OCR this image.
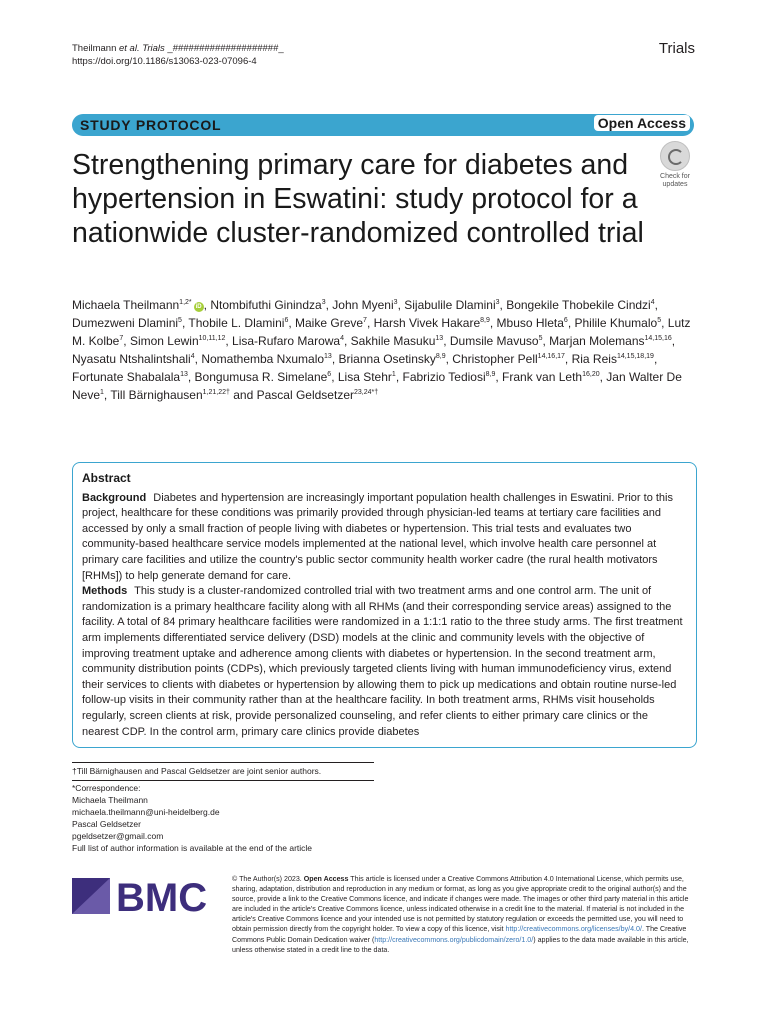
Theilmann et al. Trials _####################_
https://doi.org/10.1186/s13063-023-07096-4
Trials
STUDY PROTOCOL	Open Access
Strengthening primary care for diabetes and hypertension in Eswatini: study protocol for a nationwide cluster-randomized controlled trial
Check for
updates
Michaela Theilmann$^{1,2*}$iD , Ntombifuthi Ginindza$^3$, John Myeni$^3$, Sijabulile Dlamini$^3$, Bongekile Thobekile Cindzi$^4$, Dumezweni Dlamini$^5$, Thobile L. Dlamini$^6$, Maike Greve$^7$, Harsh Vivek Hakare$^{8,9}$, Mbuso Hleta$^6$, Philile Khumalo$^5$, Lutz M. Kolbe$^7$, Simon Lewin$^{10,11,12}$, Lisa-Rufaro Marowa$^4$, Sakhile Masuku$^{13}$, Dumsile Mavuso$^5$, Marjan Molemans$^{14,15,16}$, Nyasatu Ntshalintshali$^4$, Nomathemba Nxumalo$^{13}$, Brianna Osetinsky$^{8,9}$, Christopher Pell$^{14,16,17}$, Ria Reis$^{14,15,18,19}$, Fortunate Shabalala$^{13}$, Bongumusa R. Simelane$^6$, Lisa Stehr$^1$, Fabrizio Tediosi$^{8,9}$, Frank van Leth$^{16,20}$, Jan Walter De Neve$^1$, Till Bärnighausen$^{1,21,22\dagger}$ and Pascal Geldsetzer$^{23,24*\dagger}$
Abstract

Background Diabetes and hypertension are increasingly important population health challenges in Eswatini. Prior to this project, healthcare for these conditions was primarily provided through physician-led teams at tertiary care facilities and accessed by only a small fraction of people living with diabetes or hypertension. This trial tests and evaluates two community-based healthcare service models implemented at the national level, which involve health care personnel at primary care facilities and utilize the country's public sector community health worker cadre (the rural health motivators [RHMs]) to help generate demand for care.

Methods This study is a cluster-randomized controlled trial with two treatment arms and one control arm. The unit of randomization is a primary healthcare facility along with all RHMs (and their corresponding service areas) assigned to the facility. A total of 84 primary healthcare facilities were randomized in a 1:1:1 ratio to the three study arms. The first treatment arm implements differentiated service delivery (DSD) models at the clinic and community levels with the objective of improving treatment uptake and adherence among clients with diabetes or hypertension. In the second treatment arm, community distribution points (CDPs), which previously targeted clients living with human immunodeficiency virus, extend their services to clients with diabetes or hypertension by allowing them to pick up medications and obtain routine nurse-led follow-up visits in their community rather than at the healthcare facility. In both treatment arms, RHMs visit households regularly, screen clients at risk, provide personalized counseling, and refer clients to either primary care clinics or the nearest CDP. In the control arm, primary care clinics provide diabetes

†Till Bärnighausen and Pascal Geldsetzer are joint senior authors.
*Correspondence:
Michaela Theilmann
michaela.theilmann@uni-heidelberg.de
Pascal Geldsetzer
pgeldsetzer@gmail.com
Full list of author information is available at the end of the article
BMC	© The Author(s) 2023. Open Access This article is licensed under a Creative Commons Attribution 4.0 International License, which permits use, sharing, adaptation, distribution and reproduction in any medium or format, as long as you give appropriate credit to the original author(s) and the source, provide a link to the Creative Commons licence, and indicate if changes were made. The images or other third party material in this article are included in the article's Creative Commons licence, unless indicated otherwise in a credit line to the material. If material is not included in the article's Creative Commons licence and your intended use is not permitted by statutory regulation or exceeds the permitted use, you will need to obtain permission directly from the copyright holder. To view a copy of this licence, visit http://creativecommons.org/licenses/by/4.0/. The Creative Commons Public Domain Dedication waiver (http://creativecommons.org/publicdomain/zero/1.0/) applies to the data made available in this article, unless otherwise stated in a credit line to the data.
